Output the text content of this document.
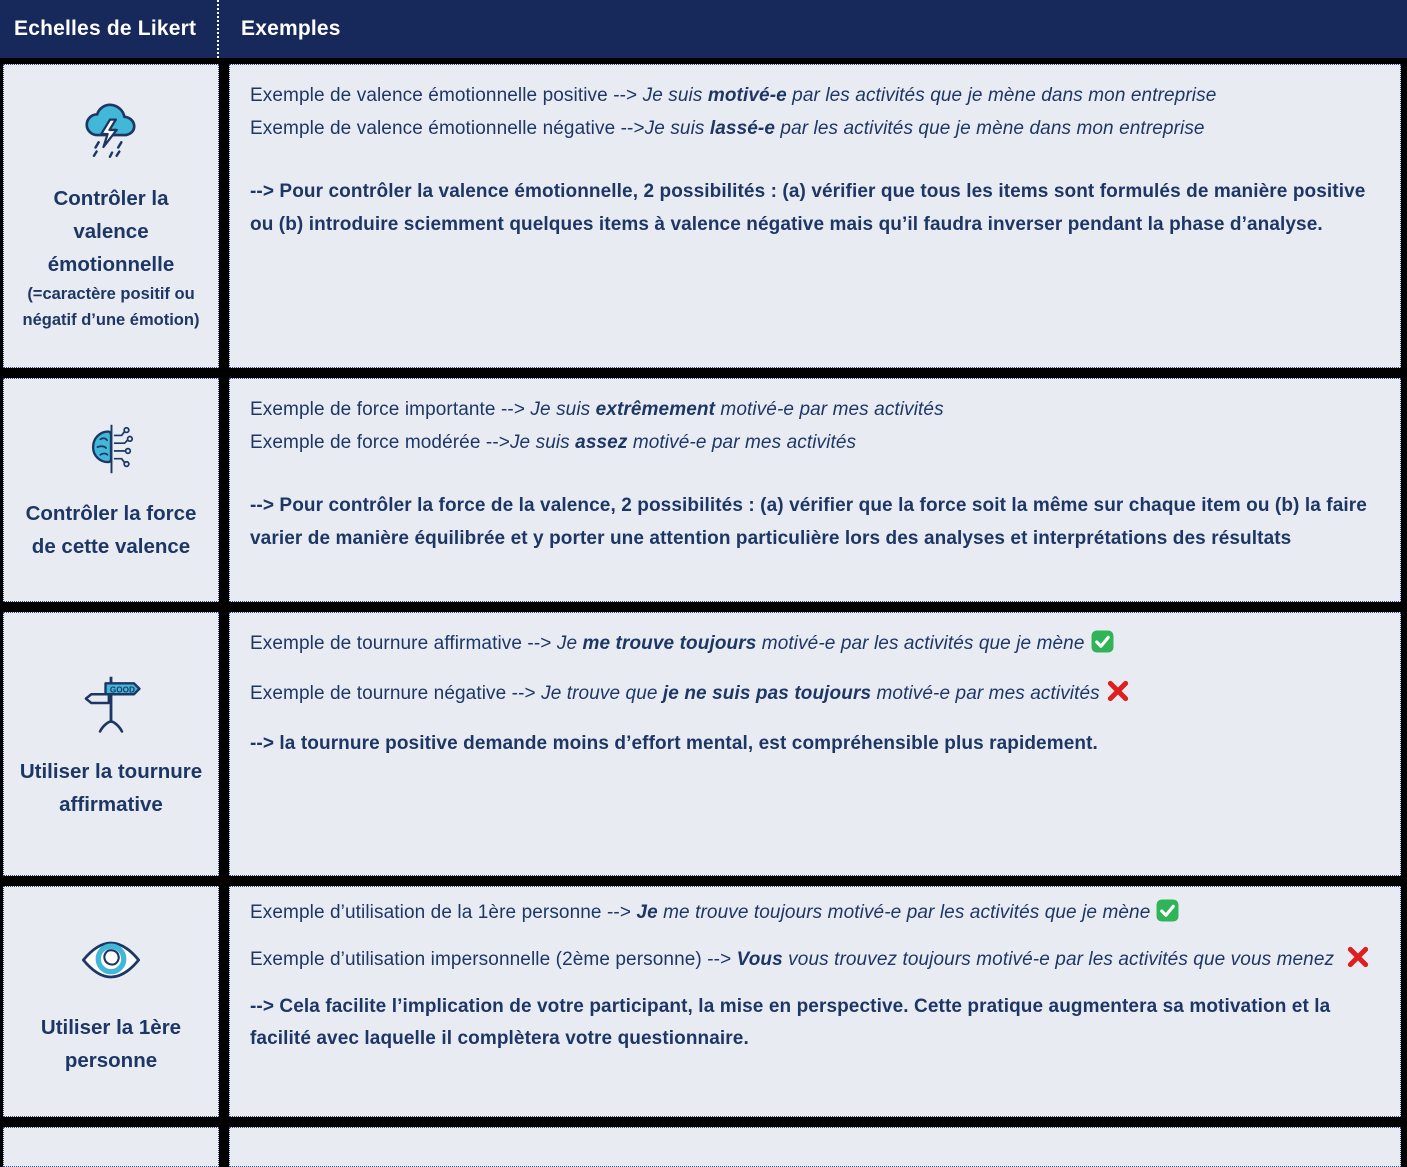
Echelles de Likert Exemples
Contrôler la valence émotionnelle
(=caractère positif ou négatif d’une émotion)

Exemple de valence émotionnelle positive --> Je suis motivé-e par les activités que je mène dans mon entreprise

Exemple de valence émotionnelle négative -->Je suis lassé-e par les activités que je mène dans mon entreprise

--> Pour contrôler la valence émotionnelle, 2 possibilités : (a) vérifier que tous les items sont formulés de manière positive ou (b) introduire sciemment quelques items à valence négative mais qu’il faudra inverser pendant la phase d’analyse.

Contrôler la force de cette valence

Exemple de force importante --> Je suis extrêmement motivé-e par mes activités

Exemple de force modérée -->Je suis assez motivé-e par mes activités

--> Pour contrôler la force de la valence, 2 possibilités : (a) vérifier que la force soit la même sur chaque item ou (b) la faire varier de manière équilibrée et y porter une attention particulière lors des analyses et interprétations des résultats

GOOD
Utiliser la tournure affirmative

Exemple de tournure affirmative --> Je me trouve toujours motivé-e par les activités que je mène

Exemple de tournure négative --> Je trouve que je ne suis pas toujours motivé-e par mes activités

--> la tournure positive demande moins d’effort mental, est compréhensible plus rapidement.

Utiliser la 1ère personne

Exemple d’utilisation de la 1ère personne --> Je me trouve toujours motivé-e par les activités que je mène

Exemple d’utilisation impersonnelle (2ème personne) --> Vous vous trouvez toujours motivé-e par les activités que vous menez

--> Cela facilite l’implication de votre participant, la mise en perspective. Cette pratique augmentera sa motivation et la facilité avec laquelle il complètera votre questionnaire.
